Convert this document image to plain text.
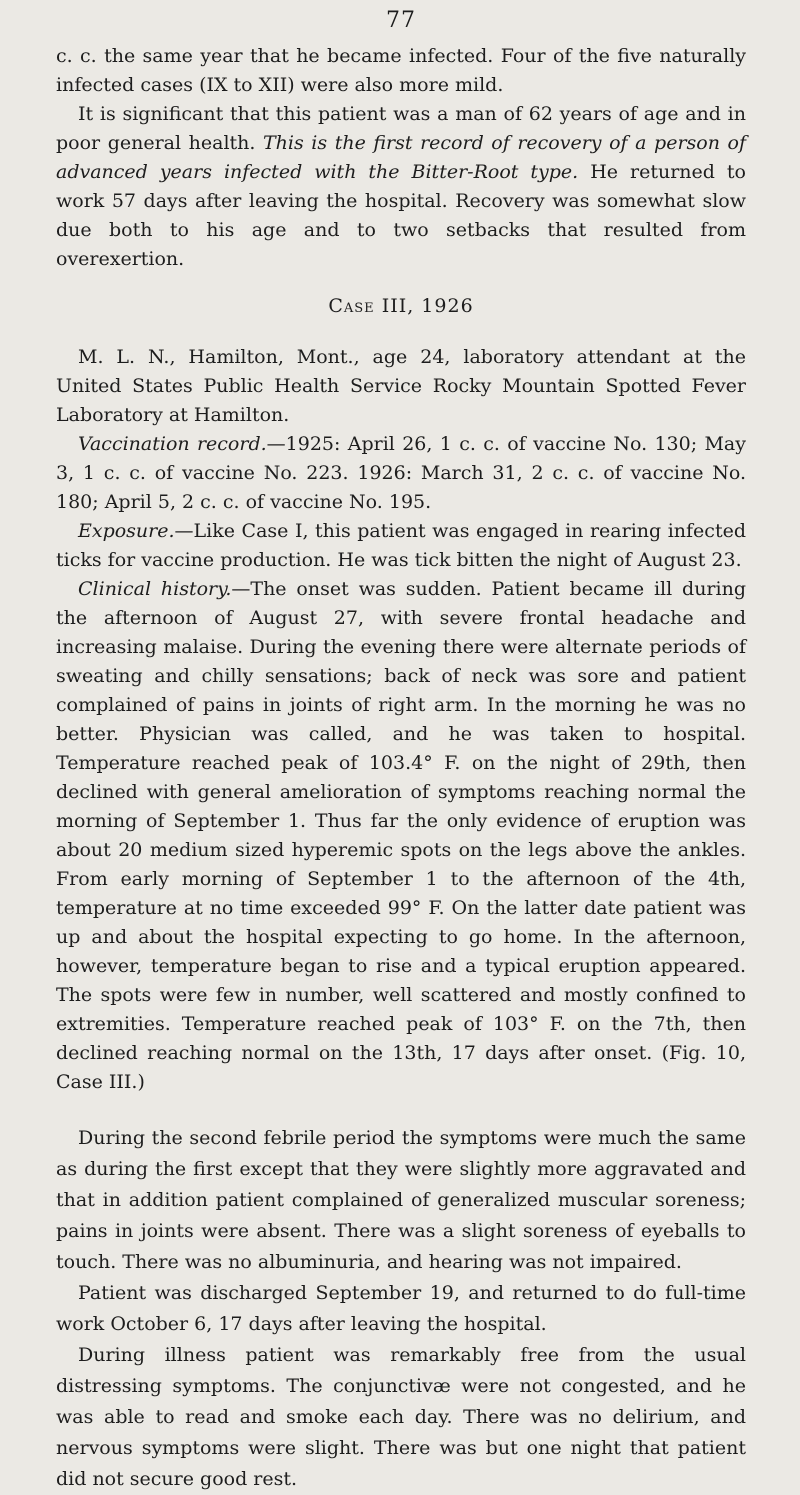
77

c. c. the same year that he became infected. Four of the five naturally infected cases (IX to XII) were also more mild.

It is significant that this patient was a man of 62 years of age and in poor general health. This is the first record of recovery of a person of advanced years infected with the Bitter-Root type. He returned to work 57 days after leaving the hospital. Recovery was somewhat slow due both to his age and to two setbacks that resulted from overexertion.

Case III, 1926

M. L. N., Hamilton, Mont., age 24, laboratory attendant at the United States Public Health Service Rocky Mountain Spotted Fever Laboratory at Hamilton.

Vaccination record.—1925: April 26, 1 c. c. of vaccine No. 130; May 3, 1 c. c. of vaccine No. 223. 1926: March 31, 2 c. c. of vaccine No. 180; April 5, 2 c. c. of vaccine No. 195.

Exposure.—Like Case I, this patient was engaged in rearing infected ticks for vaccine production. He was tick bitten the night of August 23.

Clinical history.—The onset was sudden. Patient became ill during the afternoon of August 27, with severe frontal headache and increasing malaise. During the evening there were alternate periods of sweating and chilly sensations; back of neck was sore and patient complained of pains in joints of right arm. In the morning he was no better. Physician was called, and he was taken to hospital. Temperature reached peak of 103.4° F. on the night of 29th, then declined with general amelioration of symptoms reaching normal the morning of September 1. Thus far the only evidence of eruption was about 20 medium sized hyperemic spots on the legs above the ankles. From early morning of September 1 to the afternoon of the 4th, temperature at no time exceeded 99° F. On the latter date patient was up and about the hospital expecting to go home. In the afternoon, however, temperature began to rise and a typical eruption appeared. The spots were few in number, well scattered and mostly confined to extremities. Temperature reached peak of 103° F. on the 7th, then declined reaching normal on the 13th, 17 days after onset. (Fig. 10, Case III.)

During the second febrile period the symptoms were much the same as during the first except that they were slightly more aggravated and that in addition patient complained of generalized muscular soreness; pains in joints were absent. There was a slight soreness of eyeballs to touch. There was no albuminuria, and hearing was not impaired.

Patient was discharged September 19, and returned to do full-time work October 6, 17 days after leaving the hospital.

During illness patient was remarkably free from the usual distressing symptoms. The conjunctivæ were not congested, and he was able to read and smoke each day. There was no delirium, and nervous symptoms were slight. There was but one night that patient did not secure good rest.
